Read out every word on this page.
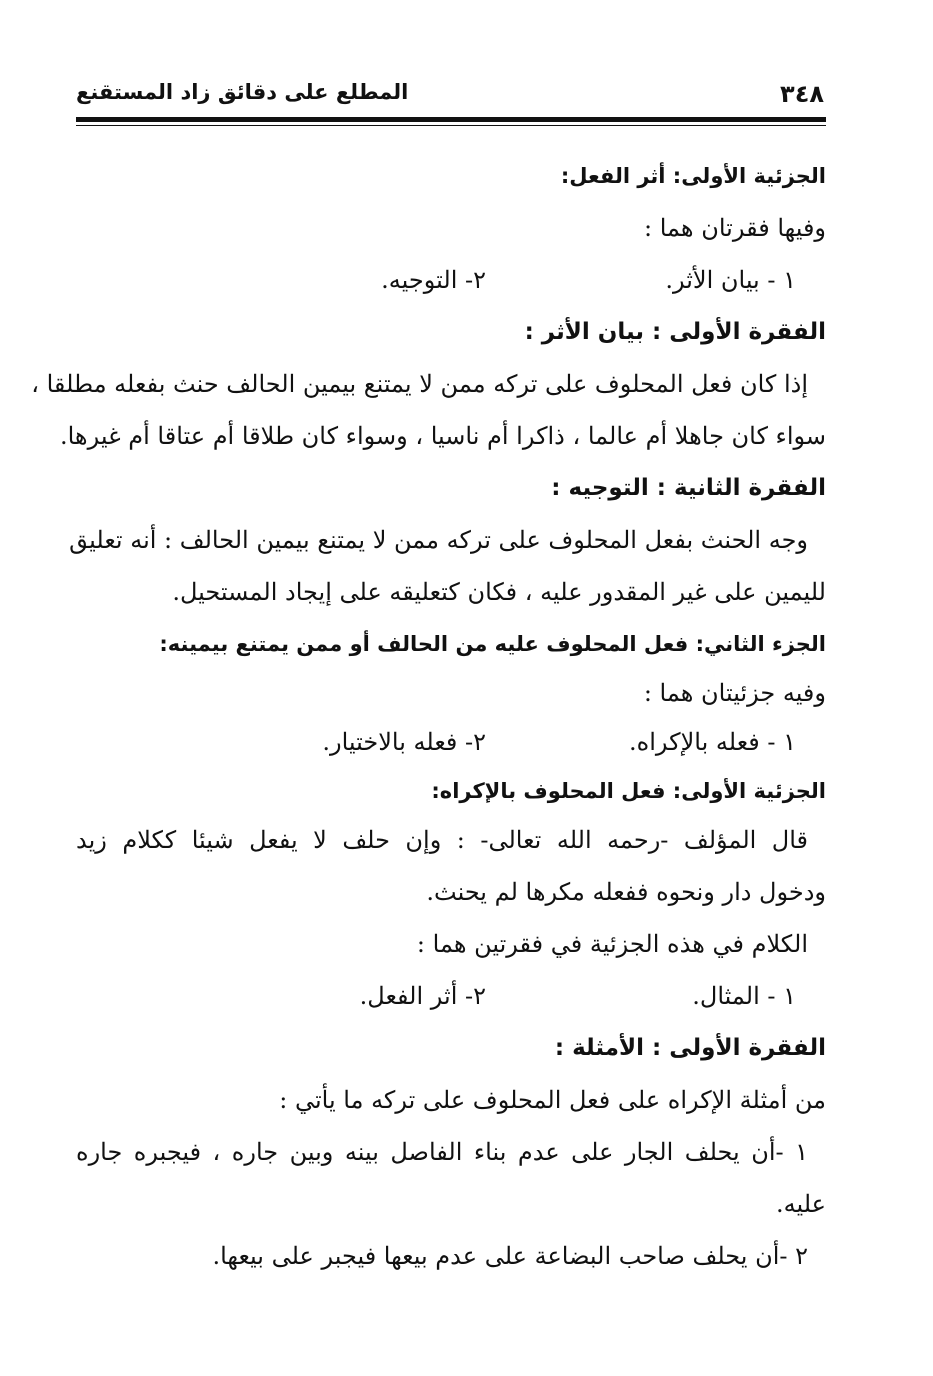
٣٤٨
المطلع على دقائق زاد المستقنع

الجزئية الأولى: أثر الفعل:

وفيها فقرتان هما :

١ - بيان الأثر.
٢- التوجيه.

الفقرة الأولى : بيان الأثر :

إذا كان فعل المحلوف على تركه ممن لا يمتنع بيمين الحالف حنث بفعله مطلقا ،

سواء كان جاهلا أم عالما ، ذاكرا أم ناسيا ، وسواء كان طلاقا أم عتاقا أم غيرها.

الفقرة الثانية : التوجيه :

وجه الحنث بفعل المحلوف على تركه ممن لا يمتنع بيمين الحالف : أنه تعليق

لليمين على غير المقدور عليه ، فكان كتعليقه على إيجاد المستحيل.

الجزء الثاني: فعل المحلوف عليه من الحالف أو ممن يمتنع بيمينه:

وفيه جزئيتان هما :

١ - فعله بالإكراه.
٢- فعله بالاختيار.

الجزئية الأولى: فعل المحلوف بالإكراه:

قال المؤلف -رحمه الله تعالى- : وإن حلف لا يفعل شيئا ككلام زيد

ودخول دار ونحوه ففعله مكرها لم يحنث.

الكلام في هذه الجزئية في فقرتين هما :

١ - المثال.
٢- أثر الفعل.

الفقرة الأولى : الأمثلة :

من أمثلة الإكراه على فعل المحلوف على تركه ما يأتي :

١ -أن يحلف الجار على عدم بناء الفاصل بينه وبين جاره ، فيجبره جاره

عليه.

٢ -أن يحلف صاحب البضاعة على عدم بيعها فيجبر على بيعها.
